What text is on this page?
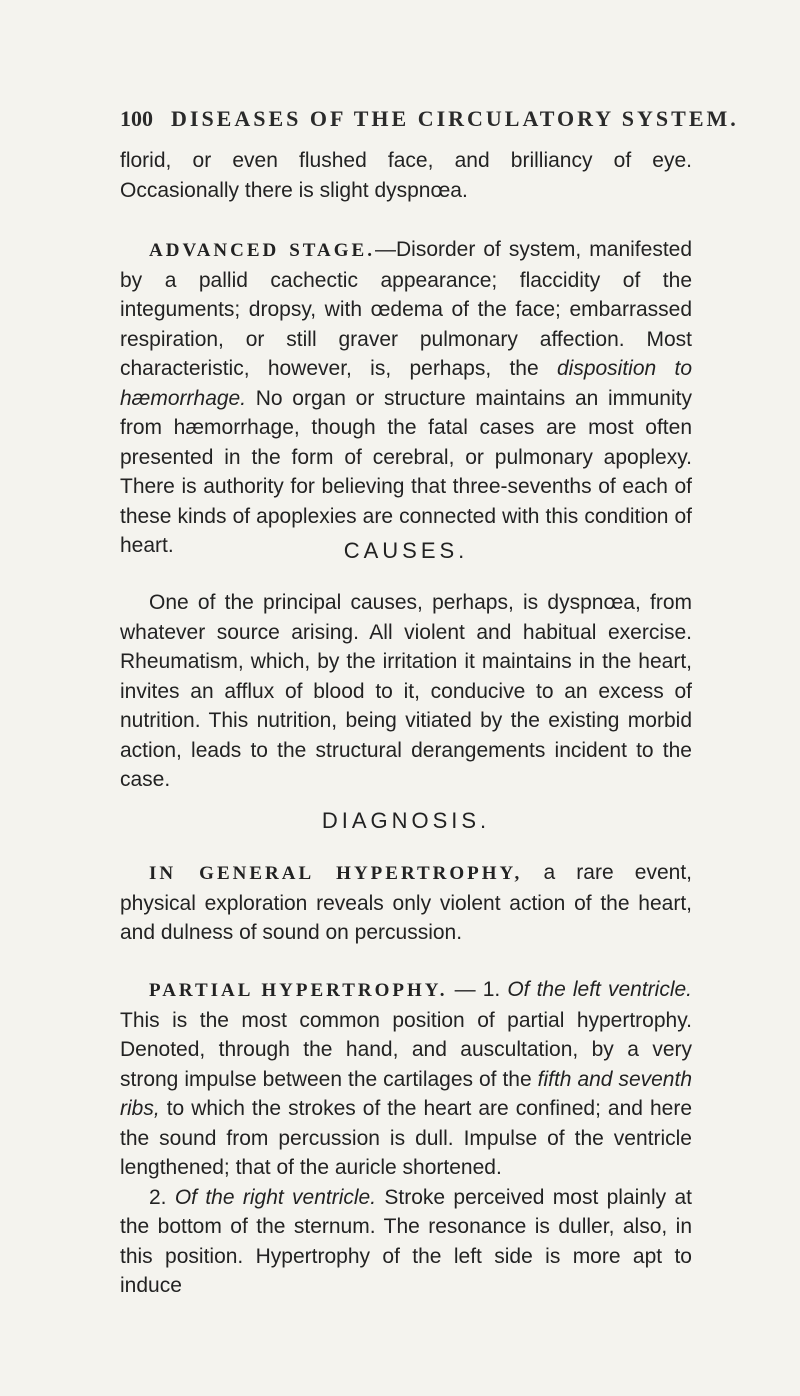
100 DISEASES OF THE CIRCULATORY SYSTEM.

florid, or even flushed face, and brilliancy of eye. Occasionally there is slight dyspnœa.

ADVANCED STAGE.—Disorder of system, manifested by a pallid cachectic appearance; flaccidity of the integuments; dropsy, with œdema of the face; embarrassed respiration, or still graver pulmonary affection. Most characteristic, however, is, perhaps, the disposition to hæmorrhage. No organ or structure maintains an immunity from hæmorrhage, though the fatal cases are most often presented in the form of cerebral, or pulmonary apoplexy. There is authority for believing that three-sevenths of each of these kinds of apoplexies are connected with this condition of heart.	CAUSES.

One of the principal causes, perhaps, is dyspnœa, from whatever source arising. All violent and habitual exercise. Rheumatism, which, by the irritation it maintains in the heart, invites an afflux of blood to it, conducive to an excess of nutrition. This nutrition, being vitiated by the existing morbid action, leads to the structural derangements incident to the case.

DIAGNOSIS.

IN GENERAL HYPERTROPHY, a rare event, physical exploration reveals only violent action of the heart, and dulness of sound on percussion.

PARTIAL HYPERTROPHY. — 1. Of the left ventricle. This is the most common position of partial hypertrophy. Denoted, through the hand, and auscultation, by a very strong impulse between the cartilages of the fifth and seventh ribs, to which the strokes of the heart are confined; and here the sound from percussion is dull. Impulse of the ventricle lengthened; that of the auricle shortened.

2. Of the right ventricle. Stroke perceived most plainly at the bottom of the sternum. The resonance is duller, also, in this position. Hypertrophy of the left side is more apt to induce
